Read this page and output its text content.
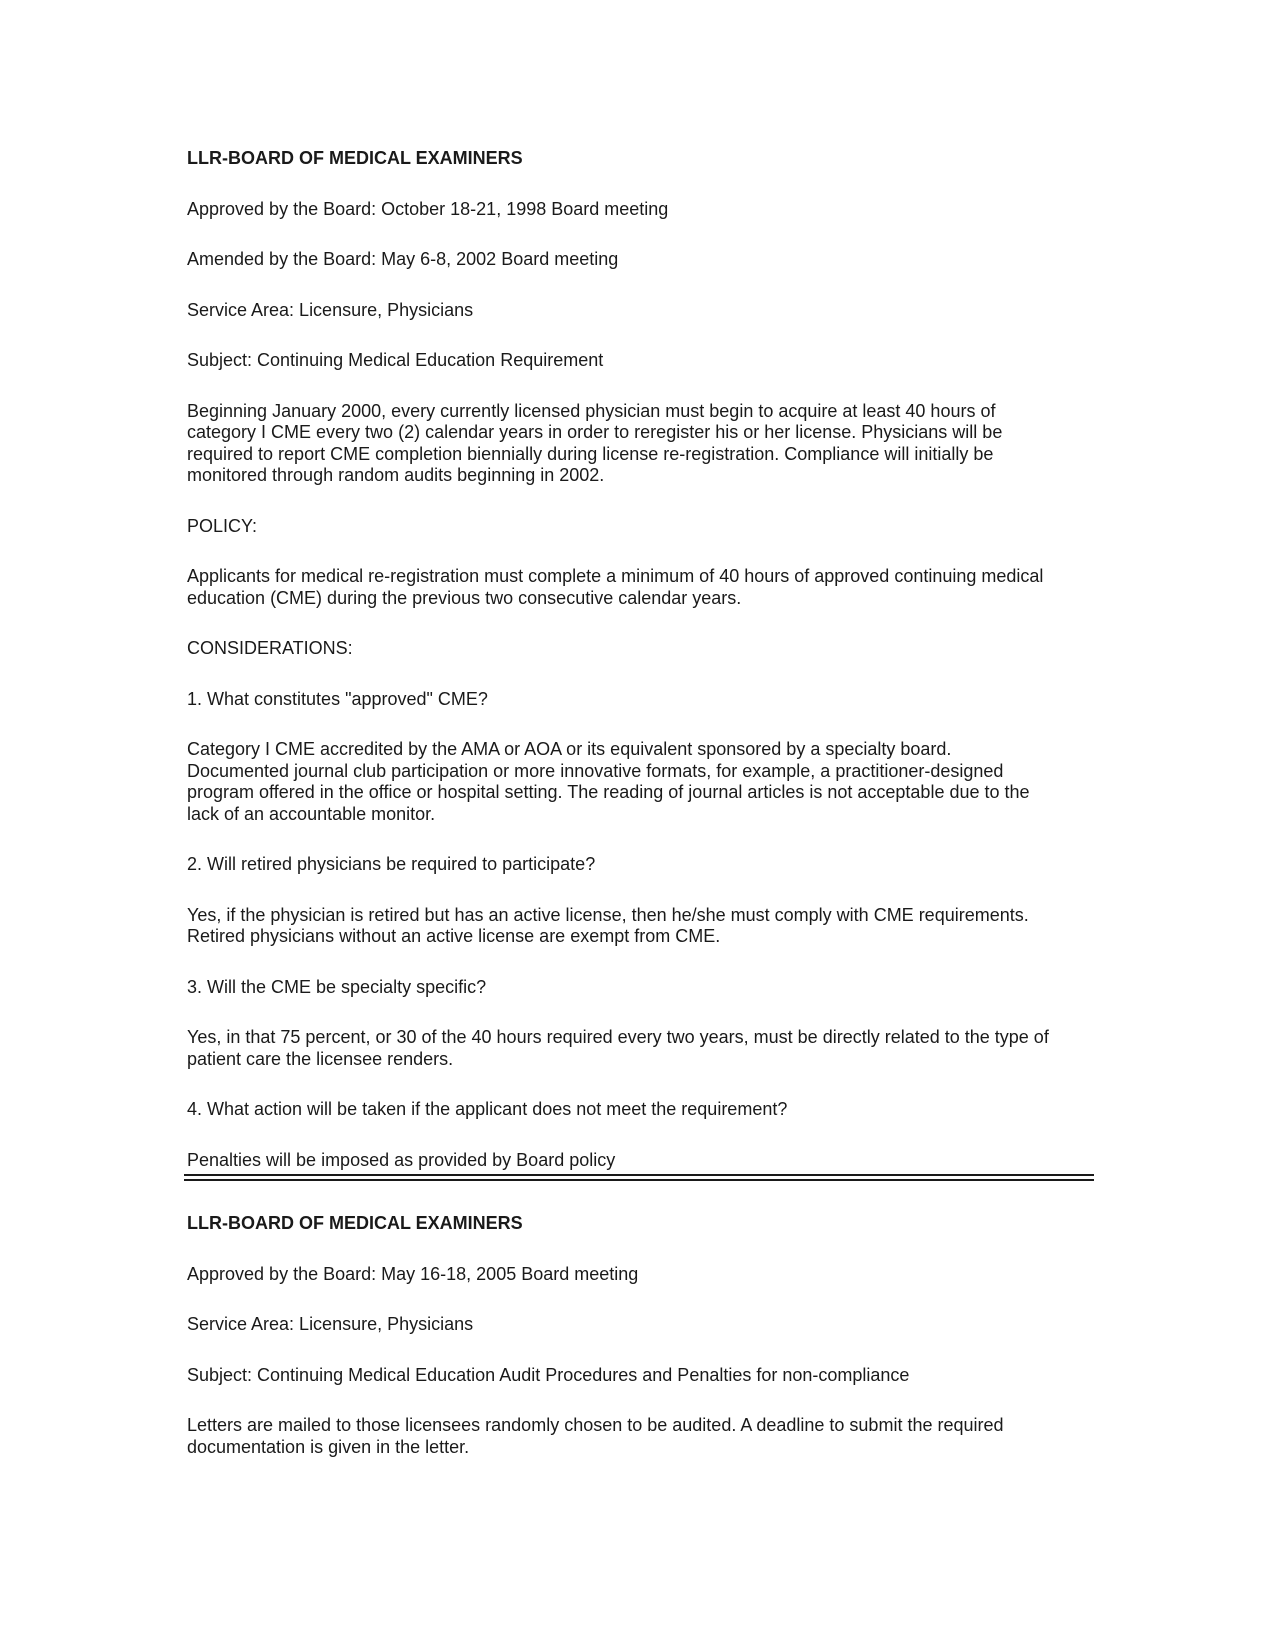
LLR-BOARD OF MEDICAL EXAMINERS
Approved by the Board: October 18-21, 1998 Board meeting
Amended by the Board: May 6-8, 2002 Board meeting
Service Area: Licensure, Physicians
Subject: Continuing Medical Education Requirement
Beginning January 2000, every currently licensed physician must begin to acquire at least 40 hours of
category I CME every two (2) calendar years in order to reregister his or her license. Physicians will be
required to report CME completion biennially during license re-registration. Compliance will initially be
monitored through random audits beginning in 2002.
POLICY:
Applicants for medical re-registration must complete a minimum of 40 hours of approved continuing medical
education (CME) during the previous two consecutive calendar years.
CONSIDERATIONS:
1. What constitutes "approved" CME?
Category I CME accredited by the AMA or AOA or its equivalent sponsored by a specialty board.
Documented journal club participation or more innovative formats, for example, a practitioner-designed
program offered in the office or hospital setting. The reading of journal articles is not acceptable due to the
lack of an accountable monitor.
2. Will retired physicians be required to participate?
Yes, if the physician is retired but has an active license, then he/she must comply with CME requirements.
Retired physicians without an active license are exempt from CME.
3. Will the CME be specialty specific?
Yes, in that 75 percent, or 30 of the 40 hours required every two years, must be directly related to the type of
patient care the licensee renders.
4. What action will be taken if the applicant does not meet the requirement?
Penalties will be imposed as provided by Board policy
LLR-BOARD OF MEDICAL EXAMINERS
Approved by the Board: May 16-18, 2005 Board meeting
Service Area: Licensure, Physicians
Subject: Continuing Medical Education Audit Procedures and Penalties for non-compliance
Letters are mailed to those licensees randomly chosen to be audited. A deadline to submit the required
documentation is given in the letter.
